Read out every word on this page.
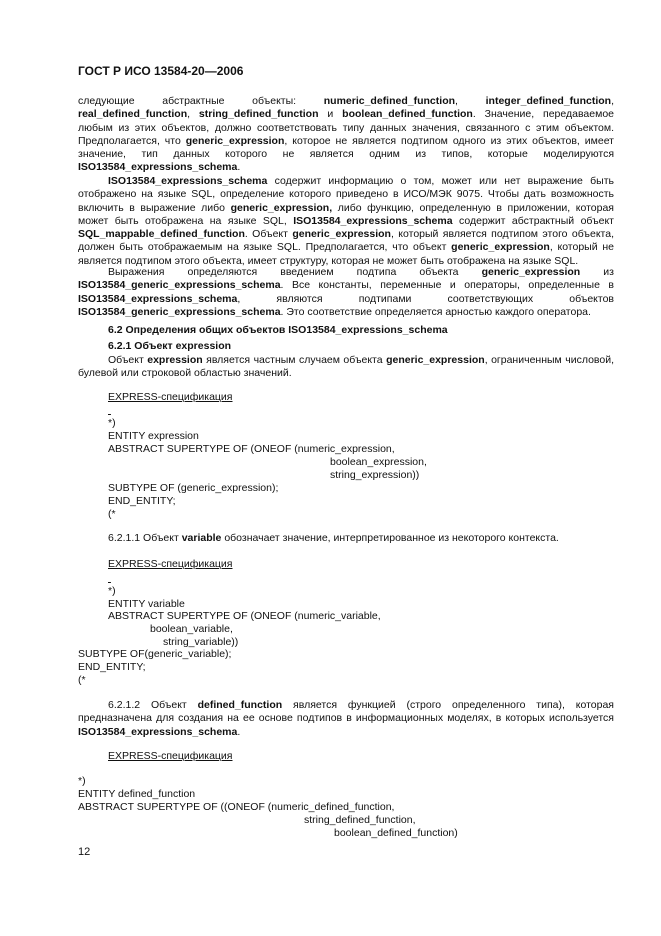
ГОСТ Р ИСО 13584-20—2006

следующие абстрактные объекты: numeric_defined_function, integer_defined_function, real_defined_function, string_defined_function и boolean_defined_function. Значение, передаваемое любым из этих объектов, должно соответствовать типу данных значения, связанного с этим объектом. Предполагается, что generic_expression, которое не является подтипом одного из этих объектов, имеет значение, тип данных которого не является одним из типов, которые моделируются ISO13584_expressions_schema.

ISO13584_expressions_schema содержит информацию о том, может или нет выражение быть отображено на языке SQL, определение которого приведено в ИСО/МЭК 9075. Чтобы дать возможность включить в выражение либо generic_expression, либо функцию, определенную в приложении, которая может быть отображена на языке SQL, ISO13584_expressions_schema содержит абстрактный объект SQL_mappable_defined_function. Объект generic_expression, который является подтипом этого объекта, должен быть отображаемым на языке SQL. Предполагается, что объект generic_expression, который не является подтипом этого объекта, имеет структуру, которая не может быть отображена на языке SQL.

Выражения определяются введением подтипа объекта generic_expression из ISO13584_generic_expressions_schema. Все константы, переменные и операторы, определенные в ISO13584_expressions_schema, являются подтипами соответствующих объектов ISO13584_generic_expressions_schema. Это соответствие определяется арностью каждого оператора.

6.2 Определения общих объектов ISO13584_expressions_schema
6.2.1 Объект expression

Объект expression является частным случаем объекта generic_expression, ограниченным числовой, булевой или строковой областью значений.

EXPRESS-спецификация

*)
ENTITY expression
ABSTRACT SUPERTYPE OF (ONEOF (numeric_expression,
boolean_expression,
string_expression))
SUBTYPE OF (generic_expression);
END_ENTITY;
(*

6.2.1.1 Объект variable обозначает значение, интерпретированное из некоторого контекста.

EXPRESS-спецификация

*)
ENTITY variable
ABSTRACT SUPERTYPE OF (ONEOF (numeric_variable,
boolean_variable,
string_variable))
SUBTYPE OF(generic_variable);
END_ENTITY;
(*

6.2.1.2 Объект defined_function является функцией (строго определенного типа), которая предназначена для создания на ее основе подтипов в информационных моделях, в которых используется ISO13584_expressions_schema.

EXPRESS-спецификация
*)
ENTITY defined_function
ABSTRACT SUPERTYPE OF ((ONEOF (numeric_defined_function,
string_defined_function,
boolean_defined_function)
12
